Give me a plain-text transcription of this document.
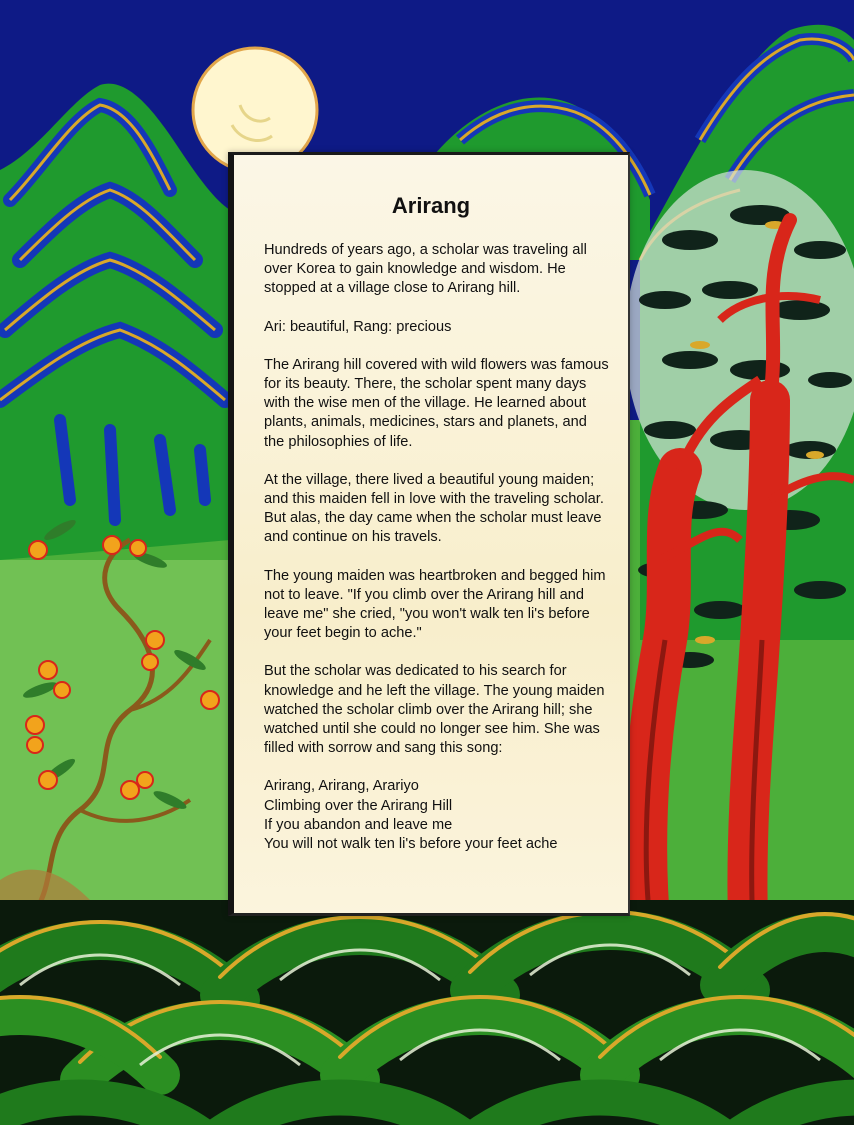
Arirang

Hundreds of years ago, a scholar was traveling all
over Korea to gain knowledge and wisdom. He
stopped at a village close to Arirang hill.

Ari: beautiful, Rang: precious

The Arirang hill covered with wild flowers was famous
for its beauty. There, the scholar spent many days
with the wise men of the village. He learned about
plants, animals, medicines, stars and planets, and
the philosophies of life.

At the village, there lived a beautiful young maiden;
and this maiden fell in love with the traveling scholar.
But alas, the day came when the scholar must leave
and continue on his travels.

The young maiden was heartbroken and begged him
not to leave. "If you climb over the Arirang hill and
leave me" she cried, "you won't walk ten li's before
your feet begin to ache."

But the scholar was dedicated to his search for
knowledge and he left the village. The young maiden
watched the scholar climb over the Arirang hill; she
watched until she could no longer see him. She was
filled with sorrow and sang this song:

Arirang, Arirang, Arariyo
Climbing over the Arirang Hill
If you abandon and leave me
You will not walk ten li's before your feet ache
